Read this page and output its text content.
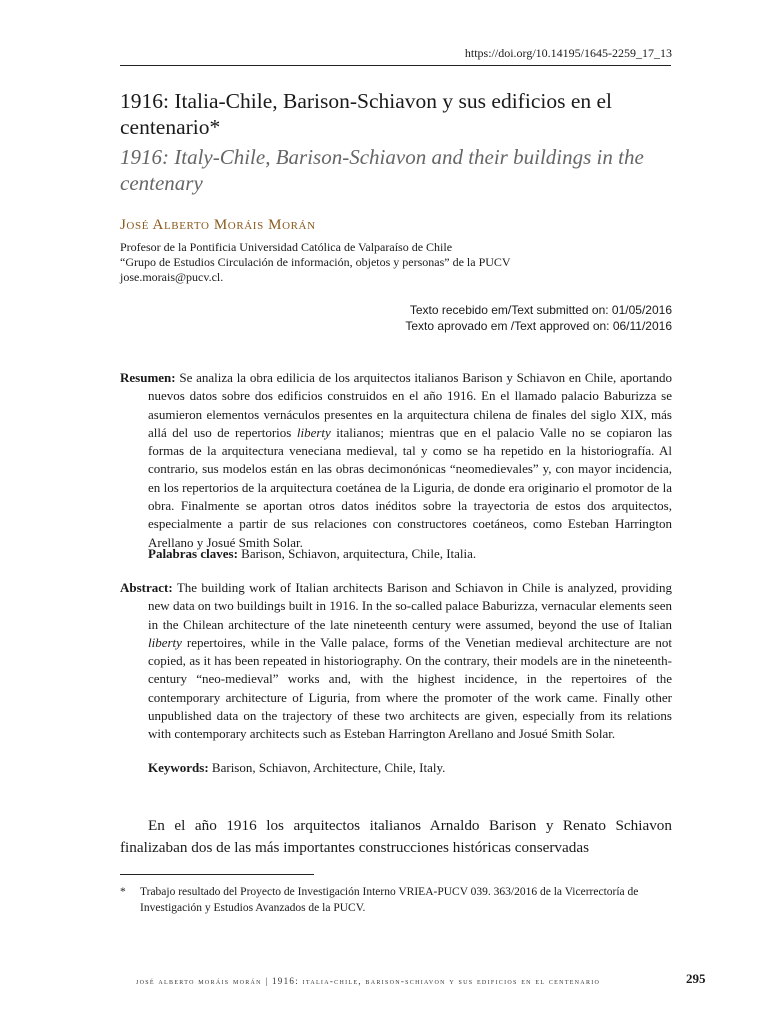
https://doi.org/10.14195/1645-2259_17_13
1916: Italia-Chile, Barison-Schiavon y sus edificios en el centenario*
1916: Italy-Chile, Barison-Schiavon and their buildings in the centenary
José Alberto Moráis Morán
Profesor de la Pontificia Universidad Católica de Valparaíso de Chile
“Grupo de Estudios Circulación de información, objetos y personas” de la PUCV
jose.morais@pucv.cl.
Texto recebido em/Text submitted on: 01/05/2016
Texto aprovado em /Text approved on: 06/11/2016
Resumen: Se analiza la obra edilicia de los arquitectos italianos Barison y Schiavon en Chile, aportando nuevos datos sobre dos edificios construidos en el año 1916. En el llamado palacio Baburizza se asumieron elementos vernáculos presentes en la arquitectura chilena de finales del siglo XIX, más allá del uso de repertorios liberty italianos; mientras que en el palacio Valle no se copiaron las formas de la arquitectura veneciana medieval, tal y como se ha repetido en la historiografía. Al contrario, sus modelos están en las obras decimonónicas “neomedievales” y, con mayor incidencia, en los repertorios de la arquitectura coetánea de la Liguria, de donde era originario el promotor de la obra. Finalmente se aportan otros datos inéditos sobre la trayectoria de estos dos arquitectos, especialmente a partir de sus relaciones con constructores coetáneos, como Esteban Harrington Arellano y Josué Smith Solar.
Palabras claves: Barison, Schiavon, arquitectura, Chile, Italia.
Abstract: The building work of Italian architects Barison and Schiavon in Chile is analyzed, providing new data on two buildings built in 1916. In the so-called palace Baburizza, vernacular elements seen in the Chilean architecture of the late nineteenth century were assumed, beyond the use of Italian liberty repertoires, while in the Valle palace, forms of the Venetian medieval architecture are not copied, as it has been repeated in historiography. On the contrary, their models are in the nineteenth-century “neo-medieval” works and, with the highest incidence, in the repertoires of the contemporary architecture of Liguria, from where the promoter of the work came. Finally other unpublished data on the trajectory of these two architects are given, especially from its relations with contemporary architects such as Esteban Harrington Arellano and Josué Smith Solar.
Keywords: Barison, Schiavon, Architecture, Chile, Italy.
En el año 1916 los arquitectos italianos Arnaldo Barison y Renato Schiavon finalizaban dos de las más importantes construcciones históricas conservadas
* Trabajo resultado del Proyecto de Investigación Interno VRIEA-PUCV 039. 363/2016 de la Vicerrectoría de Investigación y Estudios Avanzados de la PUCV.
josé alberto moráis morán | 1916: italia-chile, barison-schiavon y sus edificios en el centenario	295
